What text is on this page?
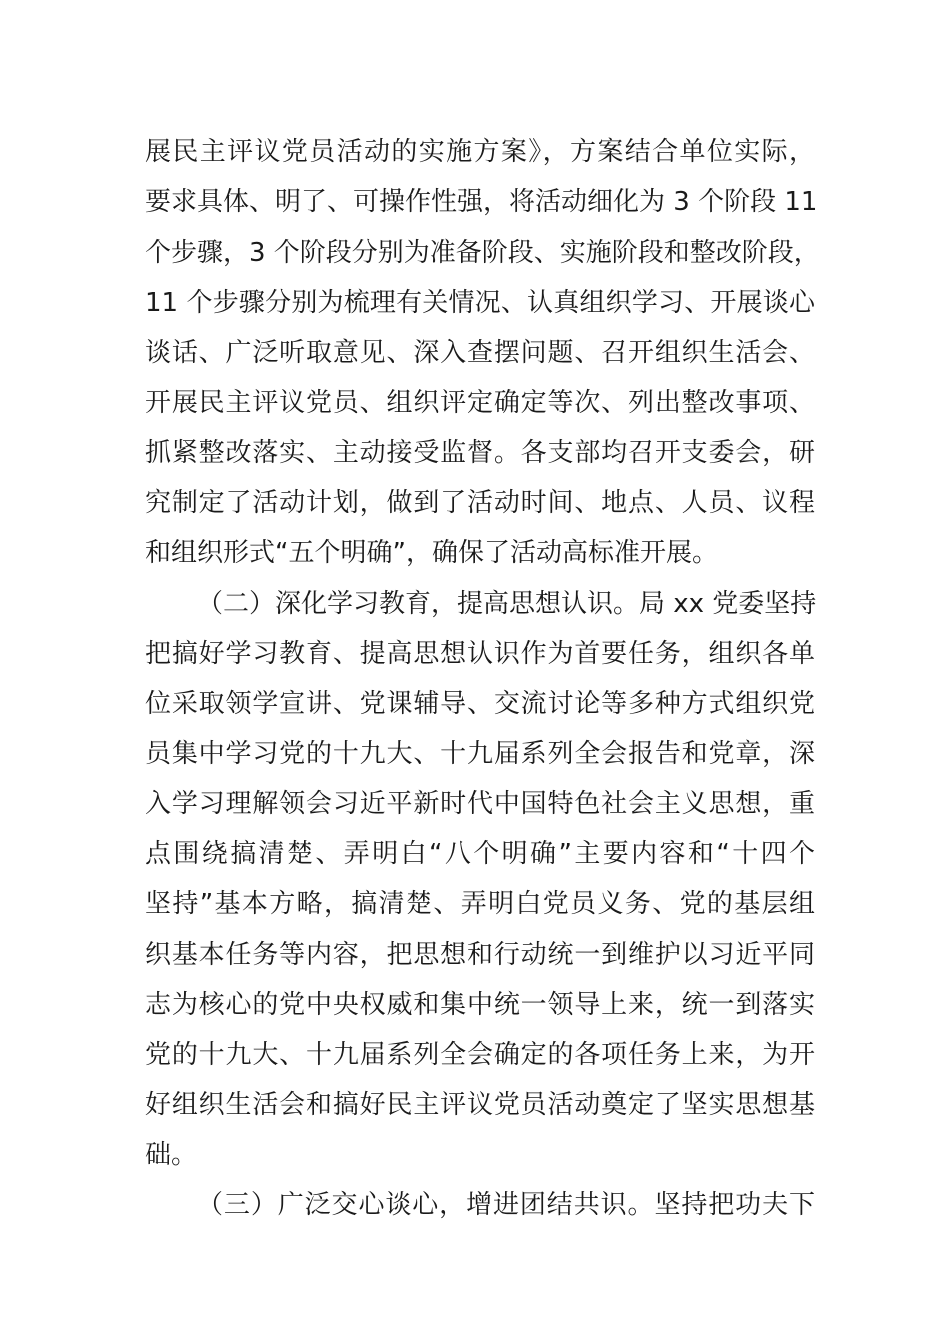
展民主评议党员活动的实施方案》，方案结合单位实际，
要求具体、明了、可操作性强，将活动细化为 3 个阶段 11
个步骤，3 个阶段分别为准备阶段、实施阶段和整改阶段，
11 个步骤分别为梳理有关情况、认真组织学习、开展谈心
谈话、广泛听取意见、深入查摆问题、召开组织生活会、
开展民主评议党员、组织评定确定等次、列出整改事项、
抓紧整改落实、主动接受监督。各支部均召开支委会，研
究制定了活动计划，做到了活动时间、地点、人员、议程
和组织形式“五个明确”，确保了活动高标准开展。
（二）深化学习教育，提高思想认识。局 xx 党委坚持
把搞好学习教育、提高思想认识作为首要任务，组织各单
位采取领学宣讲、党课辅导、交流讨论等多种方式组织党
员集中学习党的十九大、十九届系列全会报告和党章，深
入学习理解领会习近平新时代中国特色社会主义思想，重
点围绕搞清楚、弄明白“八个明确”主要内容和“十四个
坚持”基本方略，搞清楚、弄明白党员义务、党的基层组
织基本任务等内容，把思想和行动统一到维护以习近平同
志为核心的党中央权威和集中统一领导上来，统一到落实
党的十九大、十九届系列全会确定的各项任务上来，为开
好组织生活会和搞好民主评议党员活动奠定了坚实思想基
础。
（三）广泛交心谈心，增进团结共识。坚持把功夫下
